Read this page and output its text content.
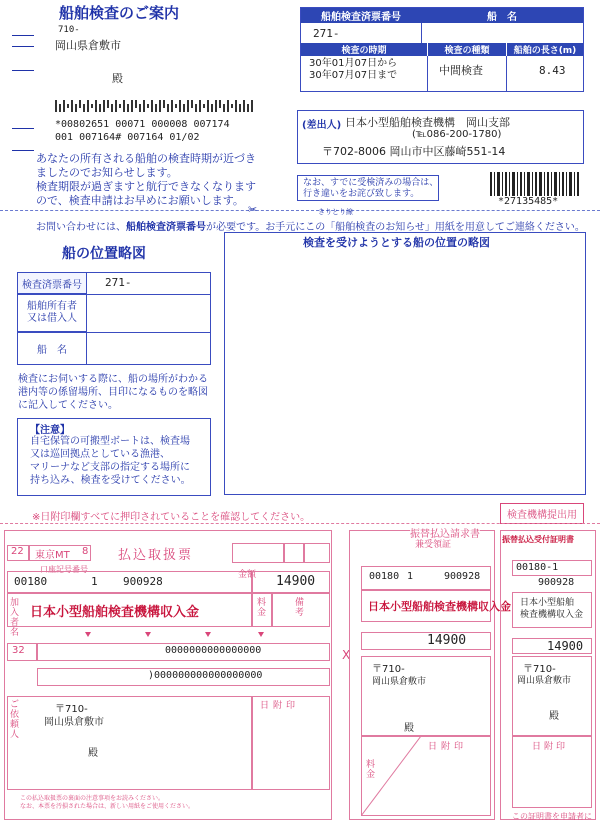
船舶検査のご案内
710-
岡山県倉敷市
殿
*00802651 00071 000008 007174
001 007164# 007164 01/02
あなたの所有される船舶の検査時期が近づき
ましたのでお知らせします。
検査期限が過ぎますと航行できなくなります
ので、検査申請はお早めにお願いします。
船舶検査済票番号	船　名
271-
検査の時期	検査の種類	船舶の長さ(m)
30年01月07日から
30年07月07日まで	中間検査	8.43
(差出人) 日本小型船舶検査機構　岡山支部
(℡086-200-1780)
〒702-8006 岡山市中区藤崎551-14
なお、すでに受検済みの場合は、
行き違いをお詫び致します。
*27135485*
✂	きりとり線
お問い合わせには、船舶検査済票番号が必要です。お手元にこの「船舶検査のお知らせ」用紙を用意してご連絡ください。
船の位置略図
検査済票番号 271-
船舶所有者
又は借入人
船　名
検査にお伺いする際に、船の場所がわかる
港内等の係留場所、目印になるものを略図
に記入してください。
【注意】
自宅保管の可搬型ボートは、検査場
又は巡回拠点としている漁港、
マリーナなど支部の指定する場所に
持ち込み、検査を受けてください。
検査を受けようとする船の位置の略図
※日附印欄すべてに押印されていることを確認してください。	検査機構提出用
22 東京MT 8 払込取扱票
口座記号番号
00180	1 900928	金額 14900
加入者名
日本小型船舶検査機構収入金
料金
備考
32	0000000000000000
)000000000000000000
ご依頼人
〒710-
岡山県倉敷市
殿
日附印
この払込取扱票の裏面の注意事項をお読みください。
なお、本票を汚損された場合は、新しい用紙をご使用ください。
X
振替払込請求書
兼受領証
00180 1	900928
日本小型船舶検査機構収入金
14900
〒710-
岡山県倉敷市
殿
料金
日附印
振替払込受付証明書
00180-1
900928
日本小型船舶
検査機構収入金
14900
〒710-
岡山県倉敷市
殿
日附印
この証明書を申請者に
